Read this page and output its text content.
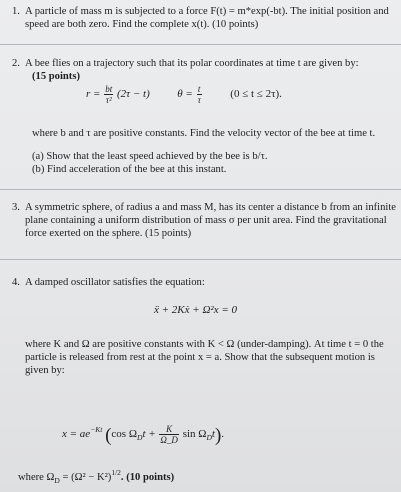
1. A particle of mass m is subjected to a force F(t) = m*exp(-bt). The initial position and
speed are both zero. Find the complete x(t). (10 points)
2. A bee flies on a trajectory such that its polar coordinates at time t are given by:
(15 points)
$r = \frac{bt}{\text{τ²}} (2\tau - t)$	$\theta = \frac{t}{\tau}$	(0 ≤ t ≤ 2τ).
where b and τ are positive constants. Find the velocity vector of the bee at time t.
(a) Show that the least speed achieved by the bee is b/τ.
(b) Find acceleration of the bee at this instant.
3. A symmetric sphere, of radius a and mass M, has its center a distance b from an infinite
plane containing a uniform distribution of mass σ per unit area. Find the gravitational
force exerted on the sphere. (15 points)
4. A damped oscillator satisfies the equation:
ẍ + 2Kẋ + Ω²x = 0
where K and Ω are positive constants with K < Ω (under-damping). At time t = 0 the
particle is released from rest at the point x = a. Show that the subsequent motion is
given by:
$x = ae^{-Kt}$ (cos $\Omega_Dt + \frac{K}{\Omega\_D}$ $\sin \Omega_Dt$).
where $\Omega_D = (\Omega^2 - K^2)^{1/2}$. (10 points)
